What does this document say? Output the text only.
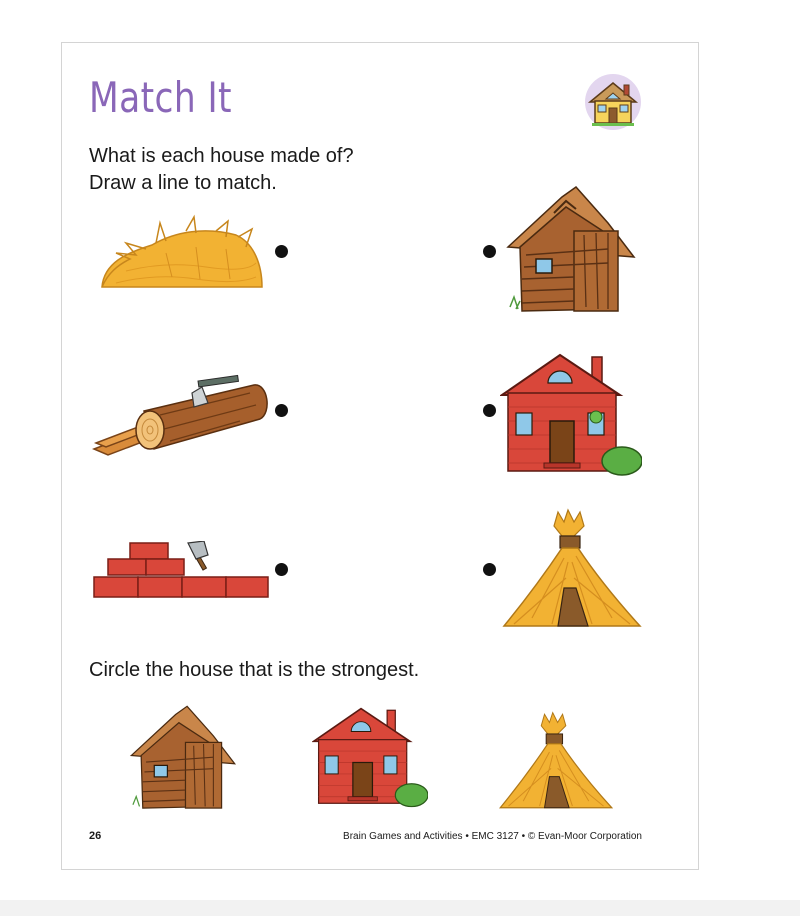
Match It
What is each house made of?
Draw a line to match.
Circle the house that is the strongest.
26	Brain Games and Activities • EMC 3127 • © Evan-Moor Corporation
